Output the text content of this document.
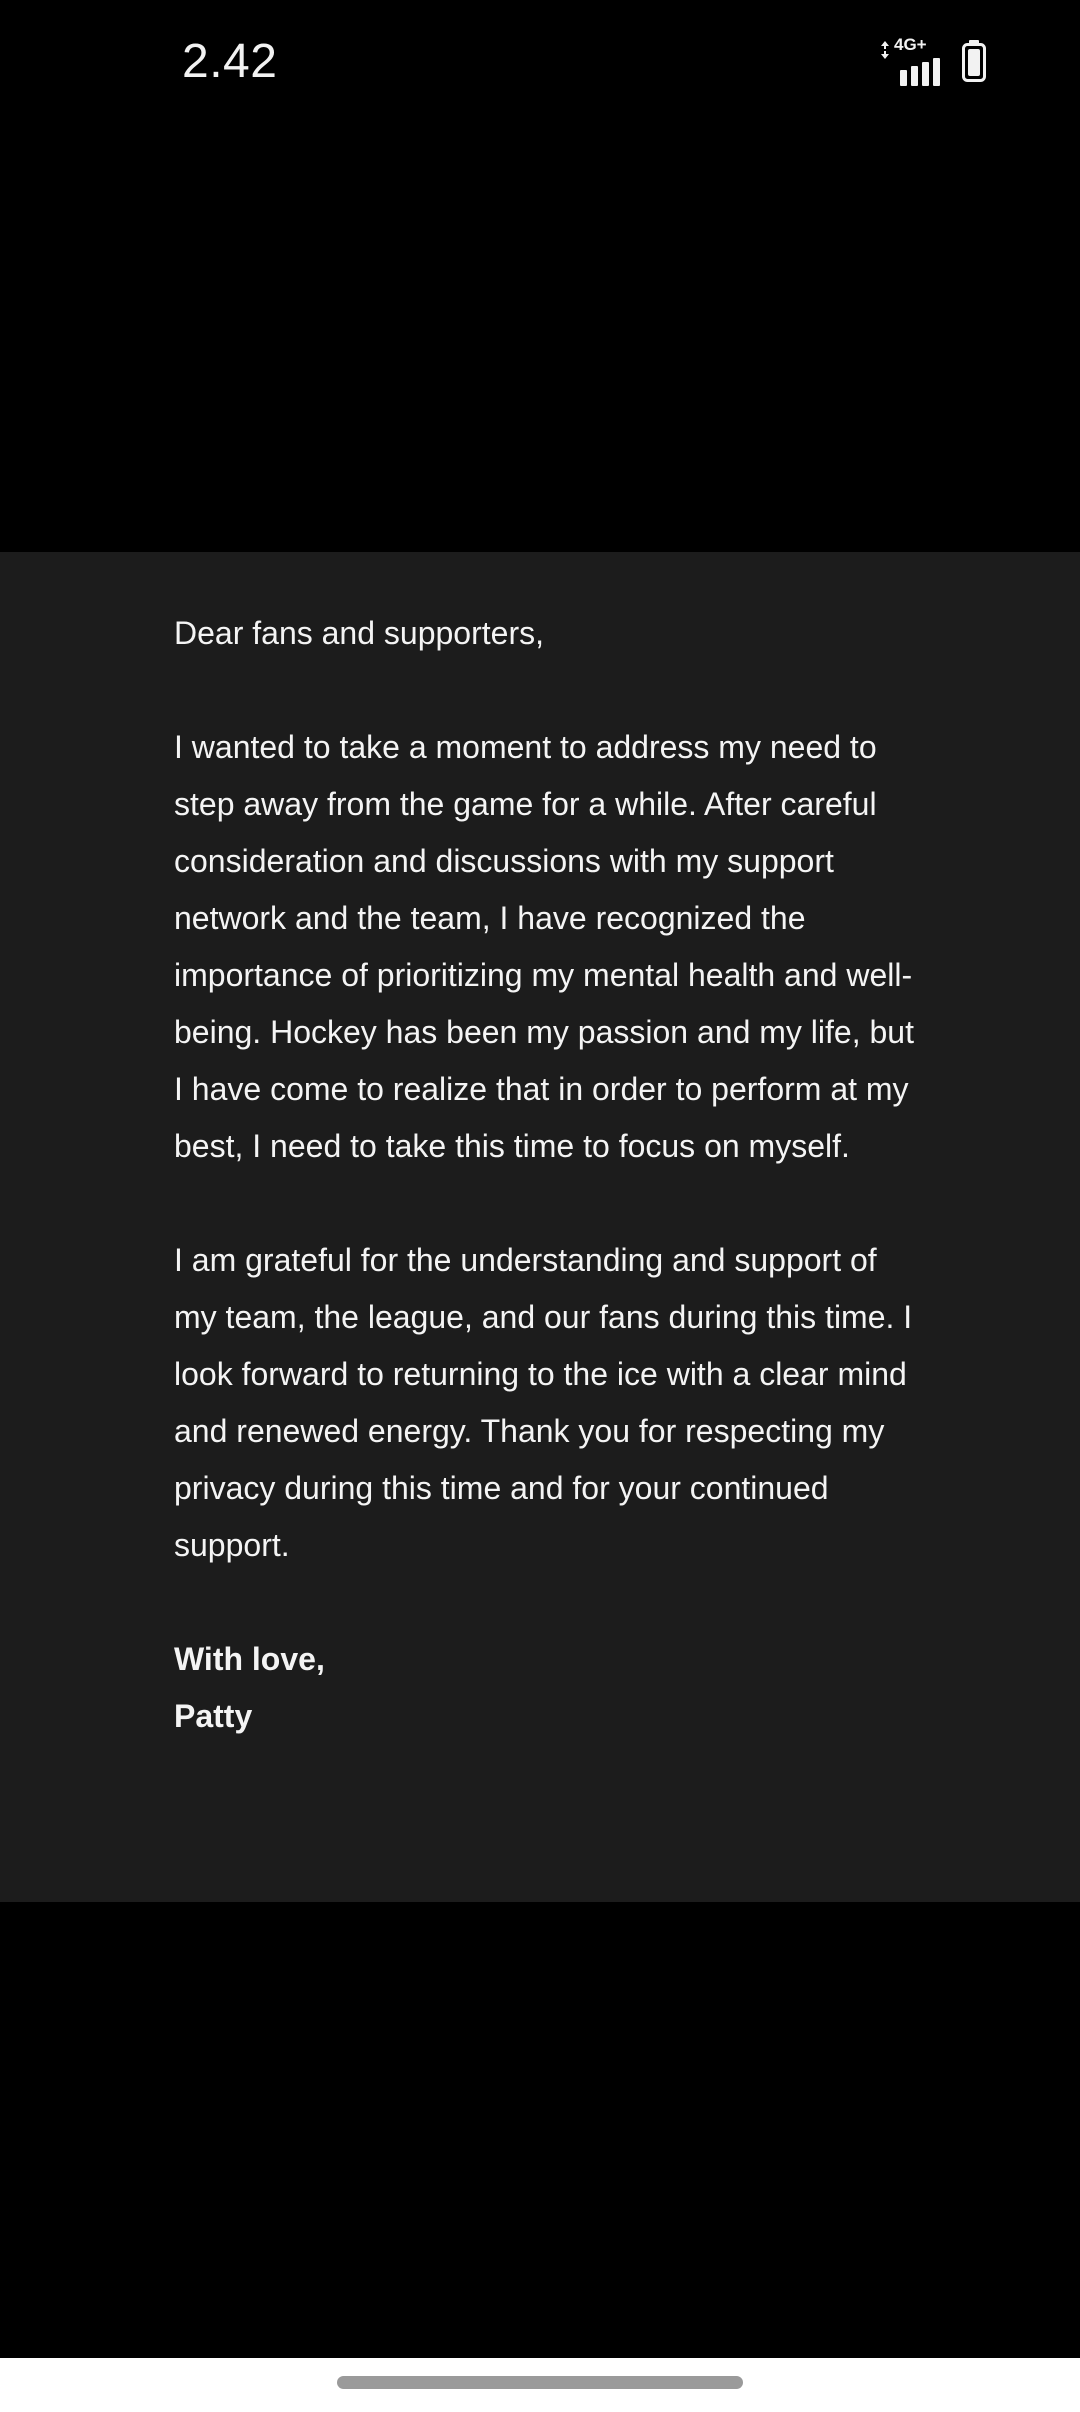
2.42	4G+

Dear fans and supporters,

I wanted to take a moment to address my need to step away from the game for a while. After careful consideration and discussions with my support network and the team, I have recognized the importance of prioritizing my mental health and well-being. Hockey has been my passion and my life, but I have come to realize that in order to perform at my best, I need to take this time to focus on myself.

I am grateful for the understanding and support of my team, the league, and our fans during this time. I look forward to returning to the ice with a clear mind and renewed energy. Thank you for respecting my privacy during this time and for your continued support.

With love,

Patty
